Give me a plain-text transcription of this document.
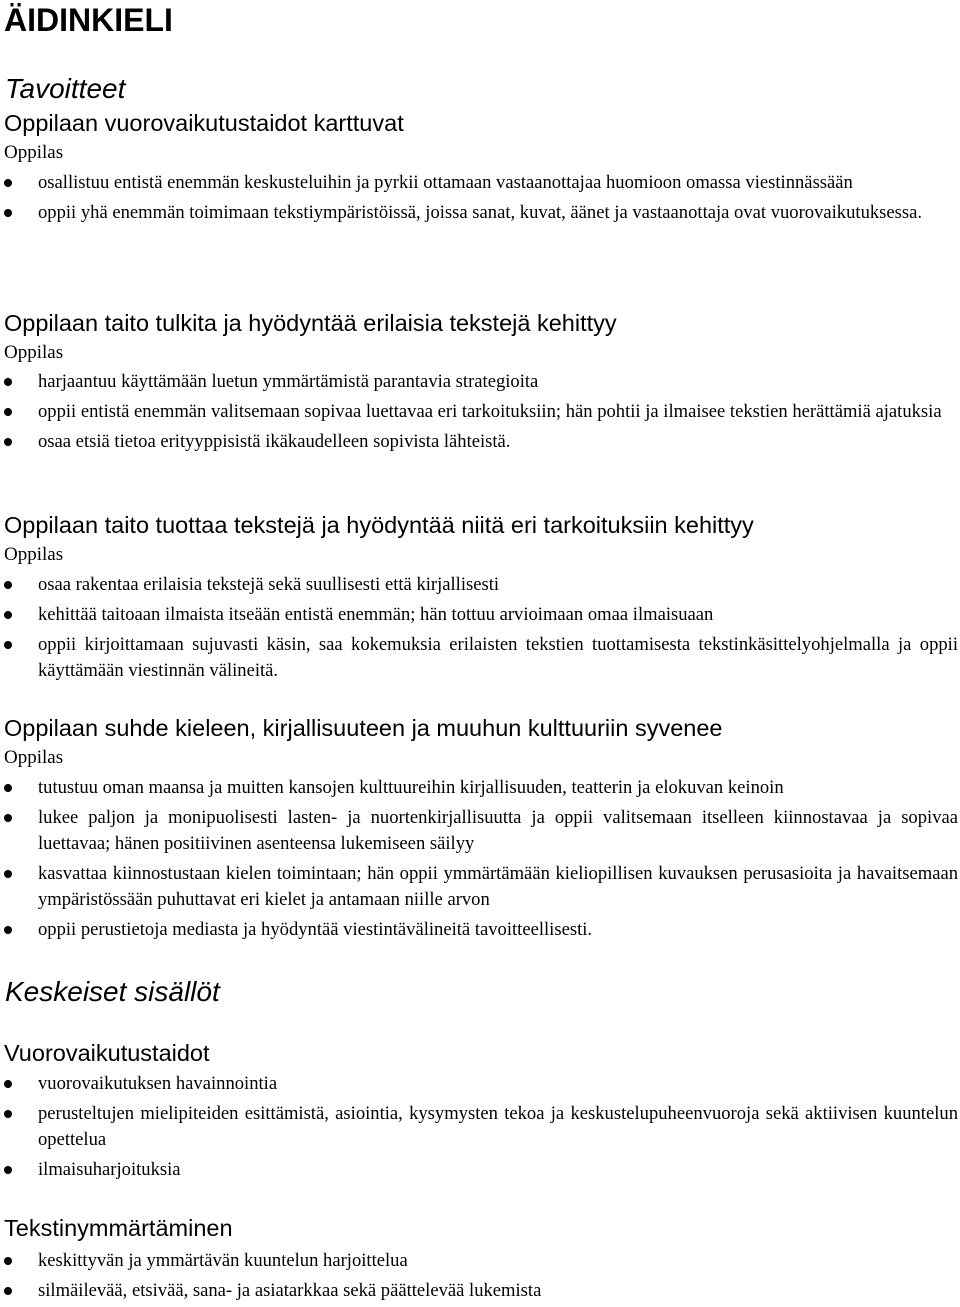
ÄIDINKIELI
Tavoitteet
Oppilaan vuorovaikutustaidot karttuvat
Oppilas
osallistuu entistä enemmän keskusteluihin ja pyrkii ottamaan vastaanottajaa huomioon omassa viestinnässään
oppii yhä enemmän toimimaan tekstiympäristöissä, joissa sanat, kuvat, äänet ja vastaanottaja ovat vuorovaikutuksessa.
Oppilaan taito tulkita ja hyödyntää erilaisia tekstejä kehittyy
Oppilas
harjaantuu käyttämään luetun ymmärtämistä parantavia strategioita
oppii entistä enemmän valitsemaan sopivaa luettavaa eri tarkoituksiin; hän pohtii ja ilmaisee tekstien herättämiä ajatuksia
osaa etsiä tietoa erityyppisistä ikäkaudelleen sopivista lähteistä.
Oppilaan taito tuottaa tekstejä ja hyödyntää niitä eri tarkoituksiin kehittyy
Oppilas
osaa rakentaa erilaisia tekstejä sekä suullisesti että kirjallisesti
kehittää taitoaan ilmaista itseään entistä enemmän; hän tottuu arvioimaan omaa ilmaisuaan
oppii kirjoittamaan sujuvasti käsin, saa kokemuksia erilaisten tekstien tuottamisesta tekstinkäsittelyohjelmalla ja oppii käyttämään viestinnän välineitä.
Oppilaan suhde kieleen, kirjallisuuteen ja muuhun kulttuuriin syvenee
Oppilas
tutustuu oman maansa ja muitten kansojen kulttuureihin kirjallisuuden, teatterin ja elokuvan keinoin
lukee paljon ja monipuolisesti lasten- ja nuortenkirjallisuutta ja oppii valitsemaan itselleen kiinnostavaa ja sopivaa luettavaa; hänen positiivinen asenteensa lukemiseen säilyy
kasvattaa kiinnostustaan kielen toimintaan; hän oppii ymmärtämään kieliopillisen kuvauksen perusasioita ja havaitsemaan ympäristössään puhuttavat eri kielet ja antamaan niille arvon
oppii perustietoja mediasta ja hyödyntää viestintävälineitä tavoitteellisesti.
Keskeiset sisällöt
Vuorovaikutustaidot
vuorovaikutuksen havainnointia
perusteltujen mielipiteiden esittämistä, asiointia, kysymysten tekoa ja keskustelupuheenvuoroja sekä aktiivisen kuuntelun opettelua
ilmaisuharjoituksia
Tekstinymmärtäminen
keskittyvän ja ymmärtävän kuuntelun harjoittelua
silmäilevää, etsivää, sana- ja asiatarkkaa sekä päättelevää lukemista
